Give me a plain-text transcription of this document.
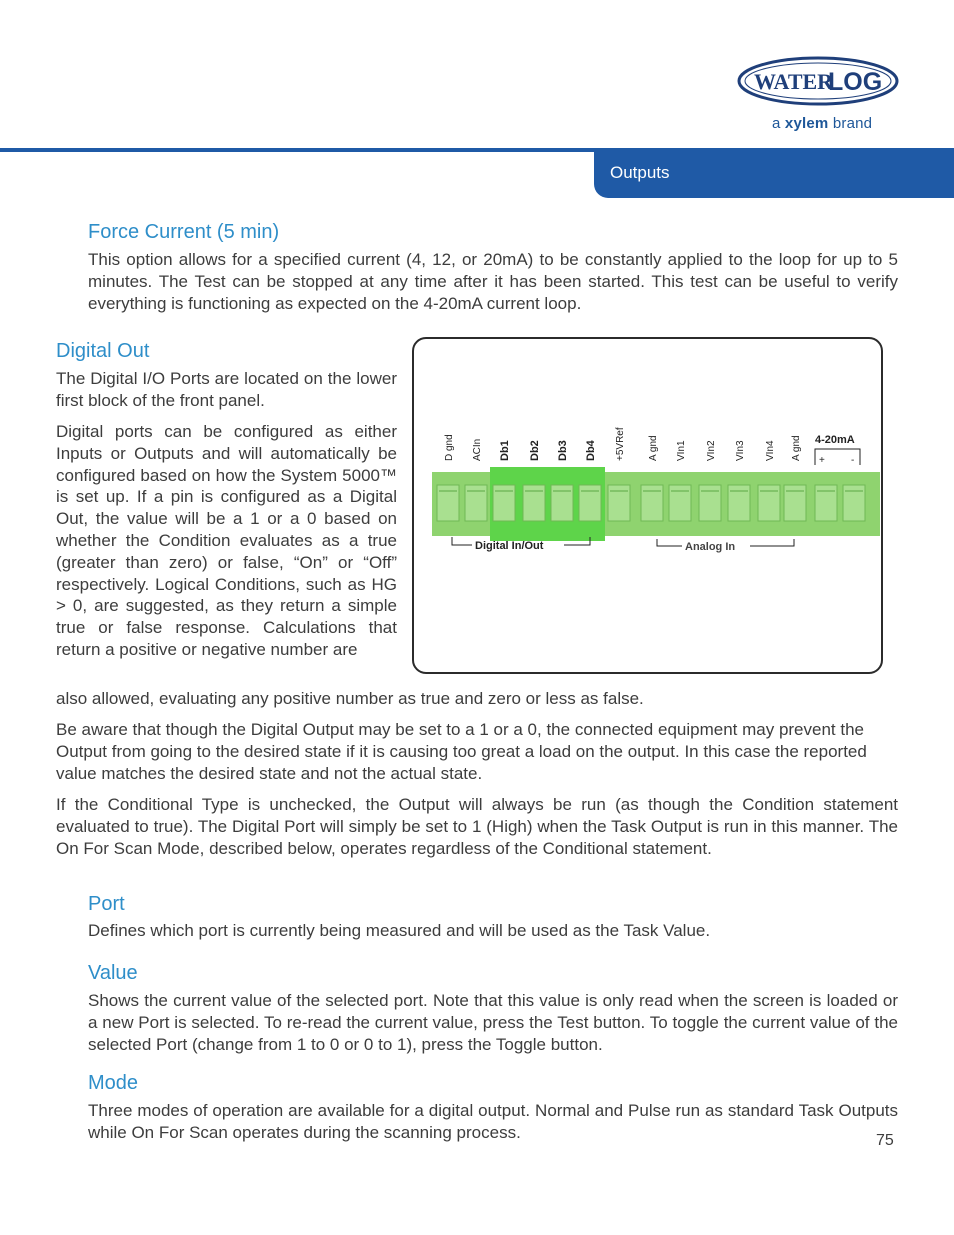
WATER
LOG
a xylem brand
Outputs
Force Current (5 min)

This option allows for a specified current (4, 12, or 20mA) to be constantly applied to the loop for up to 5 minutes. The Test can be stopped at any time after it has been started. This test can be useful to verify everything is functioning as expected on the 4-20mA current loop.

Digital Out

The Digital I/O Ports are located on the lower first block of the front panel.

Digital ports can be configured as either Inputs or Outputs and will automatically be configured based on how the System 5000™ is set up. If a pin is configured as a Digital Out, the value will be a 1 or a 0 based on whether the Condition evaluates as a true (greater than zero) or false, “On” or “Off” respectively. Logical Conditions, such as HG > 0, are suggested, as they return a simple true or false response. Calculations that return a positive or negative number are

also allowed, evaluating any positive number as true and zero or less as false.

Be aware that though the Digital Output may be set to a 1 or a 0, the connected equipment may prevent the Output from going to the desired state if it is causing too great a load on the output. In this case the reported value matches the desired state and not the actual state.

If the Conditional Type is unchecked, the Output will always be run (as though the Condition statement evaluated to true). The Digital Port will simply be set to 1 (High) when the Task Output is run in this manner. The On For Scan Mode, described below, operates regardless of the Conditional statement.

D gnd ACIn Db1 Db2 Db3 Db4 +5VRef A gnd VIn1 VIn2 VIn3 VIn4 A gnd 4-20mA
+	-
Digital In/Out	Analog In
Port

Defines which port is currently being measured and will be used as the Task Value.

Value

Shows the current value of the selected port. Note that this value is only read when the screen is loaded or a new Port is selected. To re-read the current value, press the Test button. To toggle the current value of the selected Port (change from 1 to 0 or 0 to 1), press the Toggle button.

Mode

Three modes of operation are available for a digital output. Normal and Pulse run as standard Task Outputs while On For Scan operates during the scanning process.	75
